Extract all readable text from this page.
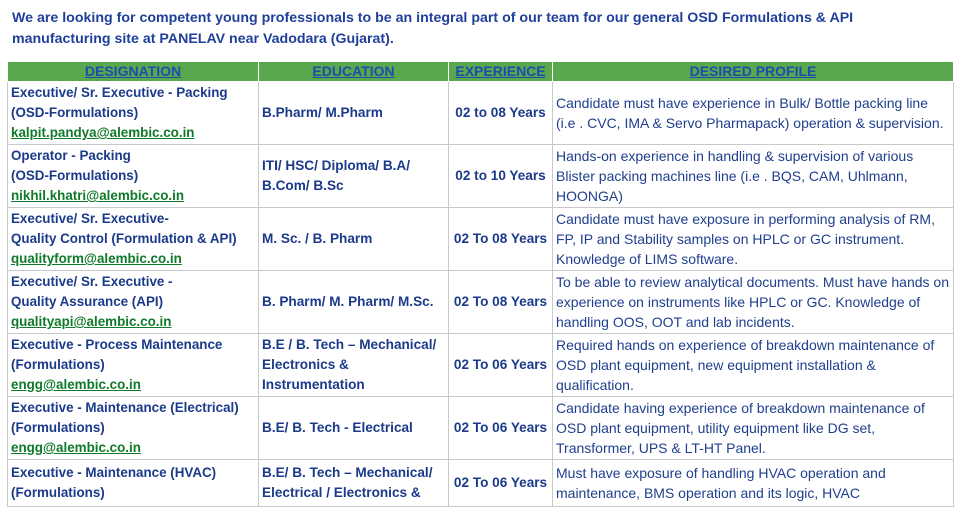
We are looking for competent young professionals to be an integral part of our team for our general OSD Formulations & API manufacturing site at PANELAV near Vadodara (Gujarat).
DESIGNATION	EDUCATION	EXPERIENCE	DESIRED PROFILE

Executive/ Sr. Executive - Packing
(OSD-Formulations)
kalpit.pandya@alembic.co.in	B.Pharm/ M.Pharm	02 to 08 Years	Candidate must have experience in Bulk/ Bottle packing line (i.e . CVC, IMA & Servo Pharmapack) operation & supervision.

Operator - Packing
(OSD-Formulations)
nikhil.khatri@alembic.co.in	ITI/ HSC/ Diploma/ B.A/ B.Com/ B.Sc	02 to 10 Years	Hands-on experience in handling & supervision of various Blister packing machines line (i.e . BQS, CAM, Uhlmann, HOONGA)

Executive/ Sr. Executive-
Quality Control (Formulation & API)
qualityform@alembic.co.in	M. Sc. / B. Pharm	02 To 08 Years	Candidate must have exposure in performing analysis of RM, FP, IP and Stability samples on HPLC or GC instrument. Knowledge of LIMS software.

Executive/ Sr. Executive -
Quality Assurance (API)
qualityapi@alembic.co.in	B. Pharm/ M. Pharm/ M.Sc.	02 To 08 Years	To be able to review analytical documents. Must have hands on experience on instruments like HPLC or GC. Knowledge of handling OOS, OOT and lab incidents.

Executive - Process Maintenance
(Formulations)
engg@alembic.co.in	B.E / B. Tech – Mechanical/ Electronics & Instrumentation	02 To 06 Years	Required hands on experience of breakdown maintenance of OSD plant equipment, new equipment installation & qualification.

Executive - Maintenance (Electrical)
(Formulations)
engg@alembic.co.in	B.E/ B. Tech - Electrical	02 To 06 Years	Candidate having experience of breakdown maintenance of OSD plant equipment, utility equipment like DG set, Transformer, UPS & LT-HT Panel.

Executive - Maintenance (HVAC)
(Formulations)	B.E/ B. Tech – Mechanical/ Electrical / Electronics &	02 To 06 Years	Must have exposure of handling HVAC operation and maintenance, BMS operation and its logic, HVAC
